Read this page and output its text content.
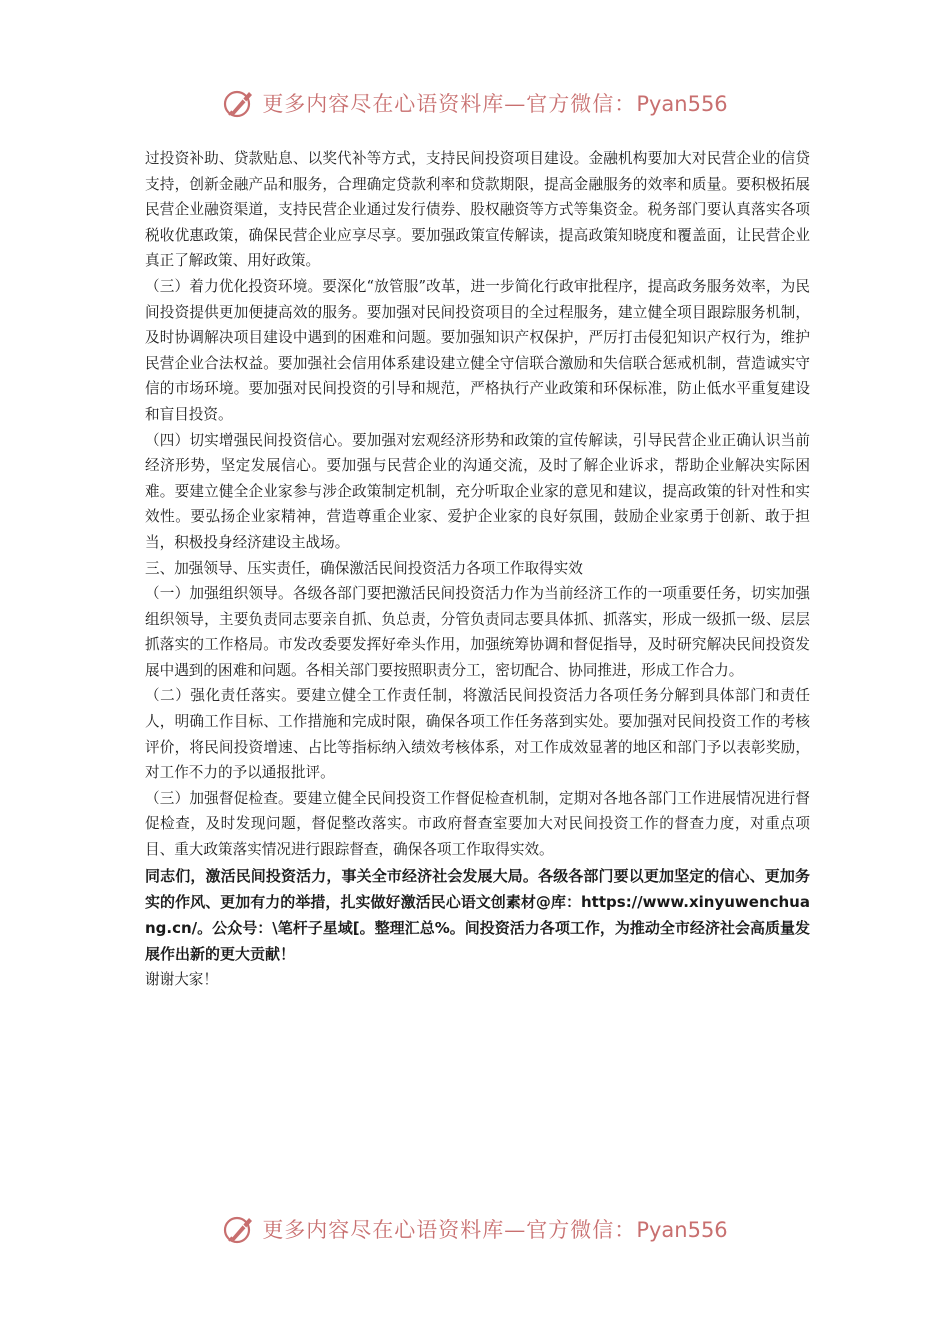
更多内容尽在心语资料库—官方微信：Pyan556

过投资补助、贷款贴息、以奖代补等方式，支持民间投资项目建设。金融机构要加大对民营企业的信贷支持，创新金融产品和服务，合理确定贷款利率和贷款期限，提高金融服务的效率和质量。要积极拓展民营企业融资渠道，支持民营企业通过发行债券、股权融资等方式等集资金。税务部门要认真落实各项税收优惠政策，确保民营企业应享尽享。要加强政策宣传解读，提高政策知晓度和覆盖面，让民营企业真正了解政策、用好政策。

（三）着力优化投资环境。要深化“放管服”改革，进一步简化行政审批程序，提高政务服务效率，为民间投资提供更加便捷高效的服务。要加强对民间投资项目的全过程服务，建立健全项目跟踪服务机制，及时协调解决项目建设中遇到的困难和问题。要加强知识产权保护，严厉打击侵犯知识产权行为，维护民营企业合法权益。要加强社会信用体系建设建立健全守信联合激励和失信联合惩戒机制，营造诚实守信的市场环境。要加强对民间投资的引导和规范，严格执行产业政策和环保标准，防止低水平重复建设和盲目投资。

（四）切实增强民间投资信心。要加强对宏观经济形势和政策的宣传解读，引导民营企业正确认识当前经济形势，坚定发展信心。要加强与民营企业的沟通交流，及时了解企业诉求，帮助企业解决实际困难。要建立健全企业家参与涉企政策制定机制，充分听取企业家的意见和建议，提高政策的针对性和实效性。要弘扬企业家精神，营造尊重企业家、爱护企业家的良好氛围，鼓励企业家勇于创新、敢于担当，积极投身经济建设主战场。

三、加强领导、压实责任，确保激活民间投资活力各项工作取得实效

（一）加强组织领导。各级各部门要把激活民间投资活力作为当前经济工作的一项重要任务，切实加强组织领导，主要负责同志要亲自抓、负总责，分管负责同志要具体抓、抓落实，形成一级抓一级、层层抓落实的工作格局。市发改委要发挥好牵头作用，加强统筹协调和督促指导，及时研究解决民间投资发展中遇到的困难和问题。各相关部门要按照职责分工，密切配合、协同推进，形成工作合力。

（二）强化责任落实。要建立健全工作责任制，将激活民间投资活力各项任务分解到具体部门和责任人，明确工作目标、工作措施和完成时限，确保各项工作任务落到实处。要加强对民间投资工作的考核评价，将民间投资增速、占比等指标纳入绩效考核体系，对工作成效显著的地区和部门予以表彰奖励，对工作不力的予以通报批评。

（三）加强督促检查。要建立健全民间投资工作督促检查机制，定期对各地各部门工作进展情况进行督促检查，及时发现问题，督促整改落实。市政府督查室要加大对民间投资工作的督查力度，对重点项目、重大政策落实情况进行跟踪督查，确保各项工作取得实效。

同志们，激活民间投资活力，事关全市经济社会发展大局。各级各部门要以更加坚定的信心、更加务实的作风、更加有力的举措，扎实做好激活民心语文创素材@库：https://www.xinyuwenchuang.cn/。公众号：\笔杆子星域[。整理汇总%。间投资活力各项工作，为推动全市经济社会高质量发展作出新的更大贡献！

谢谢大家！

更多内容尽在心语资料库—官方微信：Pyan556
